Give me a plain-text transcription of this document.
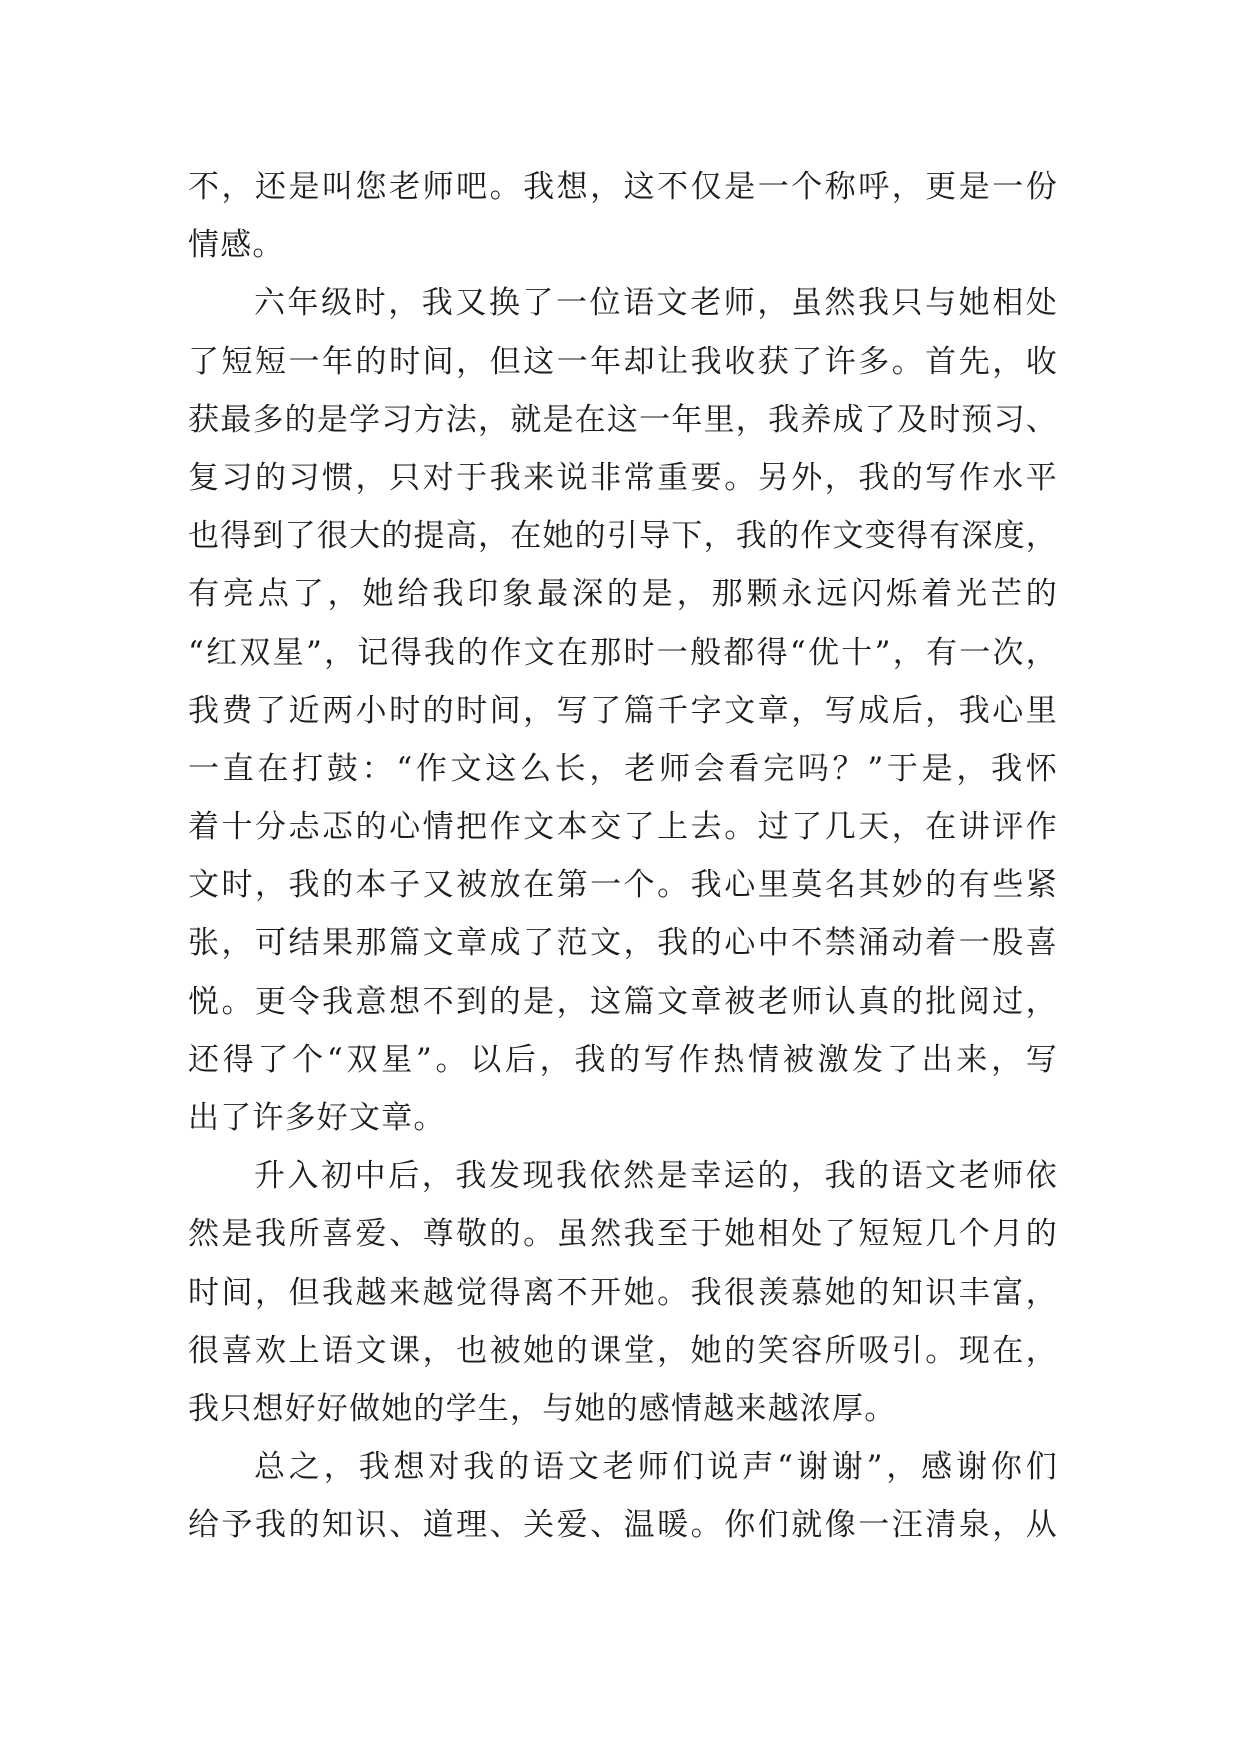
不，还是叫您老师吧。我想，这不仅是一个称呼，更是一份
情感。
六年级时，我又换了一位语文老师，虽然我只与她相处
了短短一年的时间，但这一年却让我收获了许多。首先，收
获最多的是学习方法，就是在这一年里，我养成了及时预习、
复习的习惯，只对于我来说非常重要。另外，我的写作水平
也得到了很大的提高，在她的引导下，我的作文变得有深度，
有亮点了，她给我印象最深的是，那颗永远闪烁着光芒的
“红双星”，记得我的作文在那时一般都得“优十”，有一次，
我费了近两小时的时间，写了篇千字文章，写成后，我心里
一直在打鼓：“作文这么长，老师会看完吗？”于是，我怀
着十分忐忑的心情把作文本交了上去。过了几天，在讲评作
文时，我的本子又被放在第一个。我心里莫名其妙的有些紧
张，可结果那篇文章成了范文，我的心中不禁涌动着一股喜
悦。更令我意想不到的是，这篇文章被老师认真的批阅过，
还得了个“双星”。以后，我的写作热情被激发了出来，写
出了许多好文章。
升入初中后，我发现我依然是幸运的，我的语文老师依
然是我所喜爱、尊敬的。虽然我至于她相处了短短几个月的
时间，但我越来越觉得离不开她。我很羡慕她的知识丰富，
很喜欢上语文课，也被她的课堂，她的笑容所吸引。现在，
我只想好好做她的学生，与她的感情越来越浓厚。
总之，我想对我的语文老师们说声“谢谢”，感谢你们
给予我的知识、道理、关爱、温暖。你们就像一汪清泉，从
